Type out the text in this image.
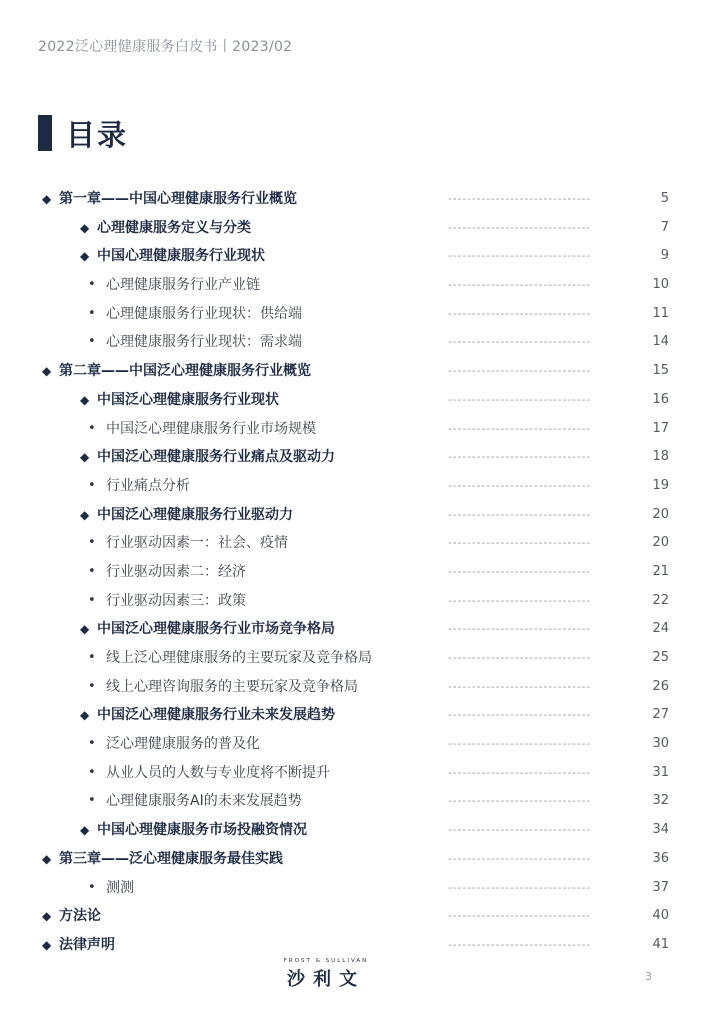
2022泛心理健康服务白皮书丨2023/02
目录
◆ 第一章——中国心理健康服务行业概览	------------------------------	5
◆ 心理健康服务定义与分类	------------------------------	7
◆ 中国心理健康服务行业现状	------------------------------	9
• 心理健康服务行业产业链	------------------------------	10
• 心理健康服务行业现状：供给端	------------------------------	11
• 心理健康服务行业现状：需求端	------------------------------	14
◆ 第二章——中国泛心理健康服务行业概览	------------------------------	15
◆ 中国泛心理健康服务行业现状	------------------------------	16
• 中国泛心理健康服务行业市场规模	------------------------------	17
◆ 中国泛心理健康服务行业痛点及驱动力	------------------------------	18
• 行业痛点分析	------------------------------	19
◆ 中国泛心理健康服务行业驱动力	------------------------------	20
• 行业驱动因素一：社会、疫情	------------------------------	20
• 行业驱动因素二：经济	------------------------------	21
• 行业驱动因素三：政策	------------------------------	22
◆ 中国泛心理健康服务行业市场竞争格局	------------------------------	24
• 线上泛心理健康服务的主要玩家及竞争格局	------------------------------	25
• 线上心理咨询服务的主要玩家及竞争格局	------------------------------	26
◆ 中国泛心理健康服务行业未来发展趋势	------------------------------	27
• 泛心理健康服务的普及化	------------------------------	30
• 从业人员的人数与专业度将不断提升	------------------------------	31
• 心理健康服务AI的未来发展趋势	------------------------------	32
◆ 中国心理健康服务市场投融资情况	------------------------------	34
◆ 第三章——泛心理健康服务最佳实践	------------------------------	36
• 测测	------------------------------	37
◆ 方法论	------------------------------	40
◆ 法律声明	------------------------------	41
FROST & SULLIVAN
沙利文	3
